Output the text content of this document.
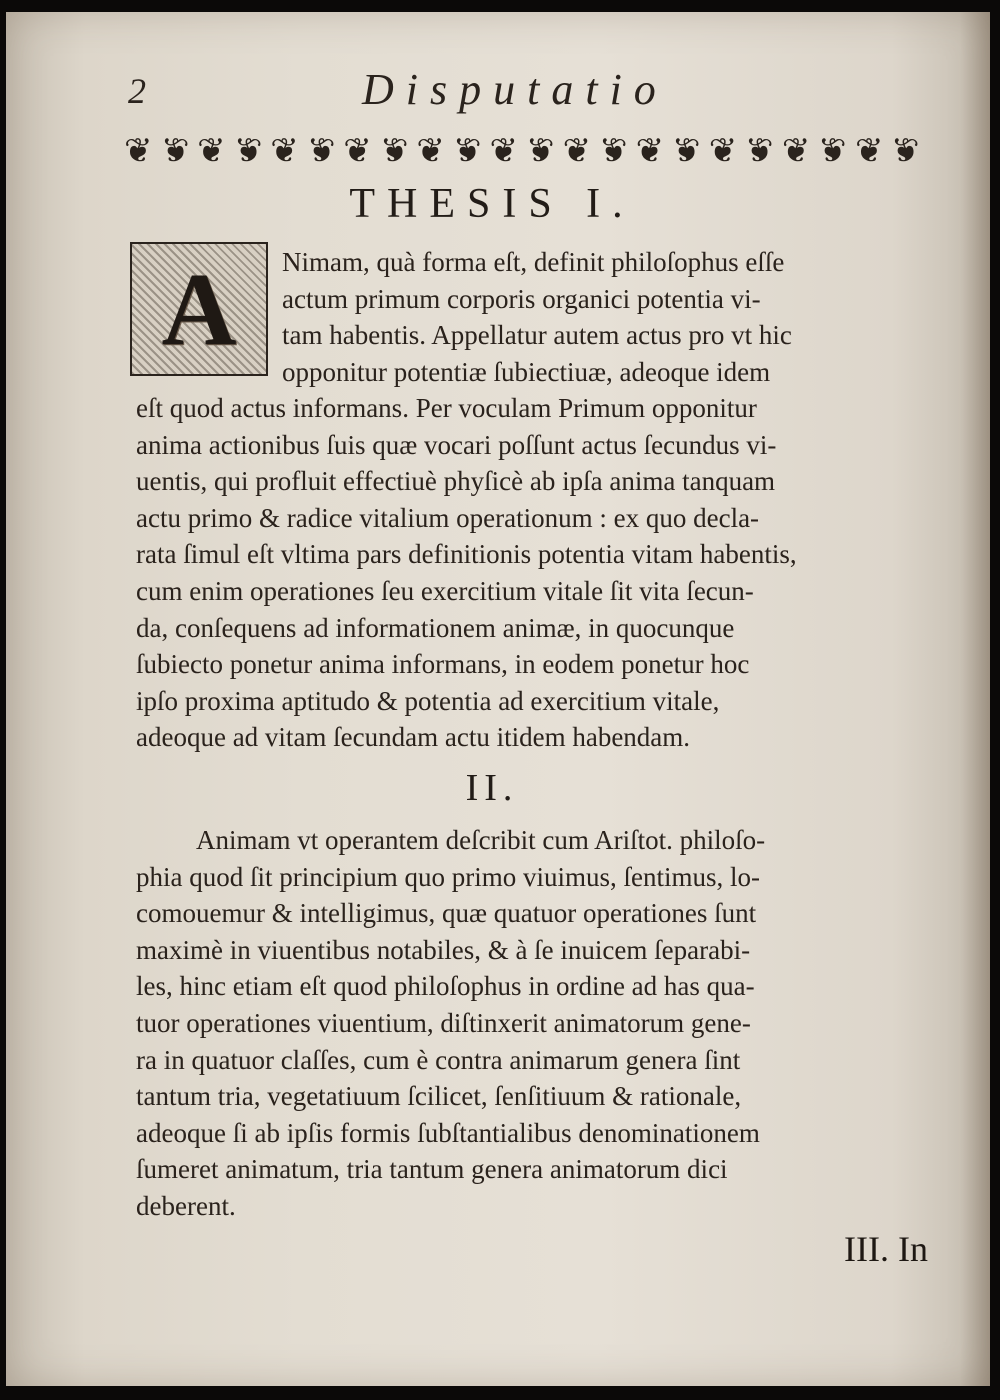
2	Disputatio
❦ ❦ ❦ ❦ ❦ ❦ ❦ ❦ ❦ ❦ ❦ ❦ ❦ ❦ ❦ ❦ ❦ ❦ ❦ ❦ ❦ ❦
THESIS I.
A Nimam, quà forma eſt, definit philoſophus eſſe
actum primum corporis organici potentia vi-
tam habentis. Appellatur autem actus pro vt hic
opponitur potentiæ ſubiectiuæ, adeoque idem
eſt quod actus informans. Per voculam Primum opponitur
anima actionibus ſuis quæ vocari poſſunt actus ſecundus vi-
uentis, qui profluit effectiuè phyſicè ab ipſa anima tanquam
actu primo & radice vitalium operationum : ex quo decla-
rata ſimul eſt vltima pars definitionis potentia vitam habentis,
cum enim operationes ſeu exercitium vitale ſit vita ſecun-
da, conſequens ad informationem animæ, in quocunque
ſubiecto ponetur anima informans, in eodem ponetur hoc
ipſo proxima aptitudo & potentia ad exercitium vitale,
adeoque ad vitam ſecundam actu itidem habendam.
II.
Animam vt operantem deſcribit cum Ariſtot. philoſo-
phia quod ſit principium quo primo viuimus, ſentimus, lo-
comouemur & intelligimus, quæ quatuor operationes ſunt
maximè in viuentibus notabiles, & à ſe inuicem ſeparabi-
les, hinc etiam eſt quod philoſophus in ordine ad has qua-
tuor operationes viuentium, diſtinxerit animatorum gene-
ra in quatuor claſſes, cum è contra animarum genera ſint
tantum tria, vegetatiuum ſcilicet, ſenſitiuum & rationale,
adeoque ſi ab ipſis formis ſubſtantialibus denominationem
ſumeret animatum, tria tantum genera animatorum dici
deberent.
III. In
